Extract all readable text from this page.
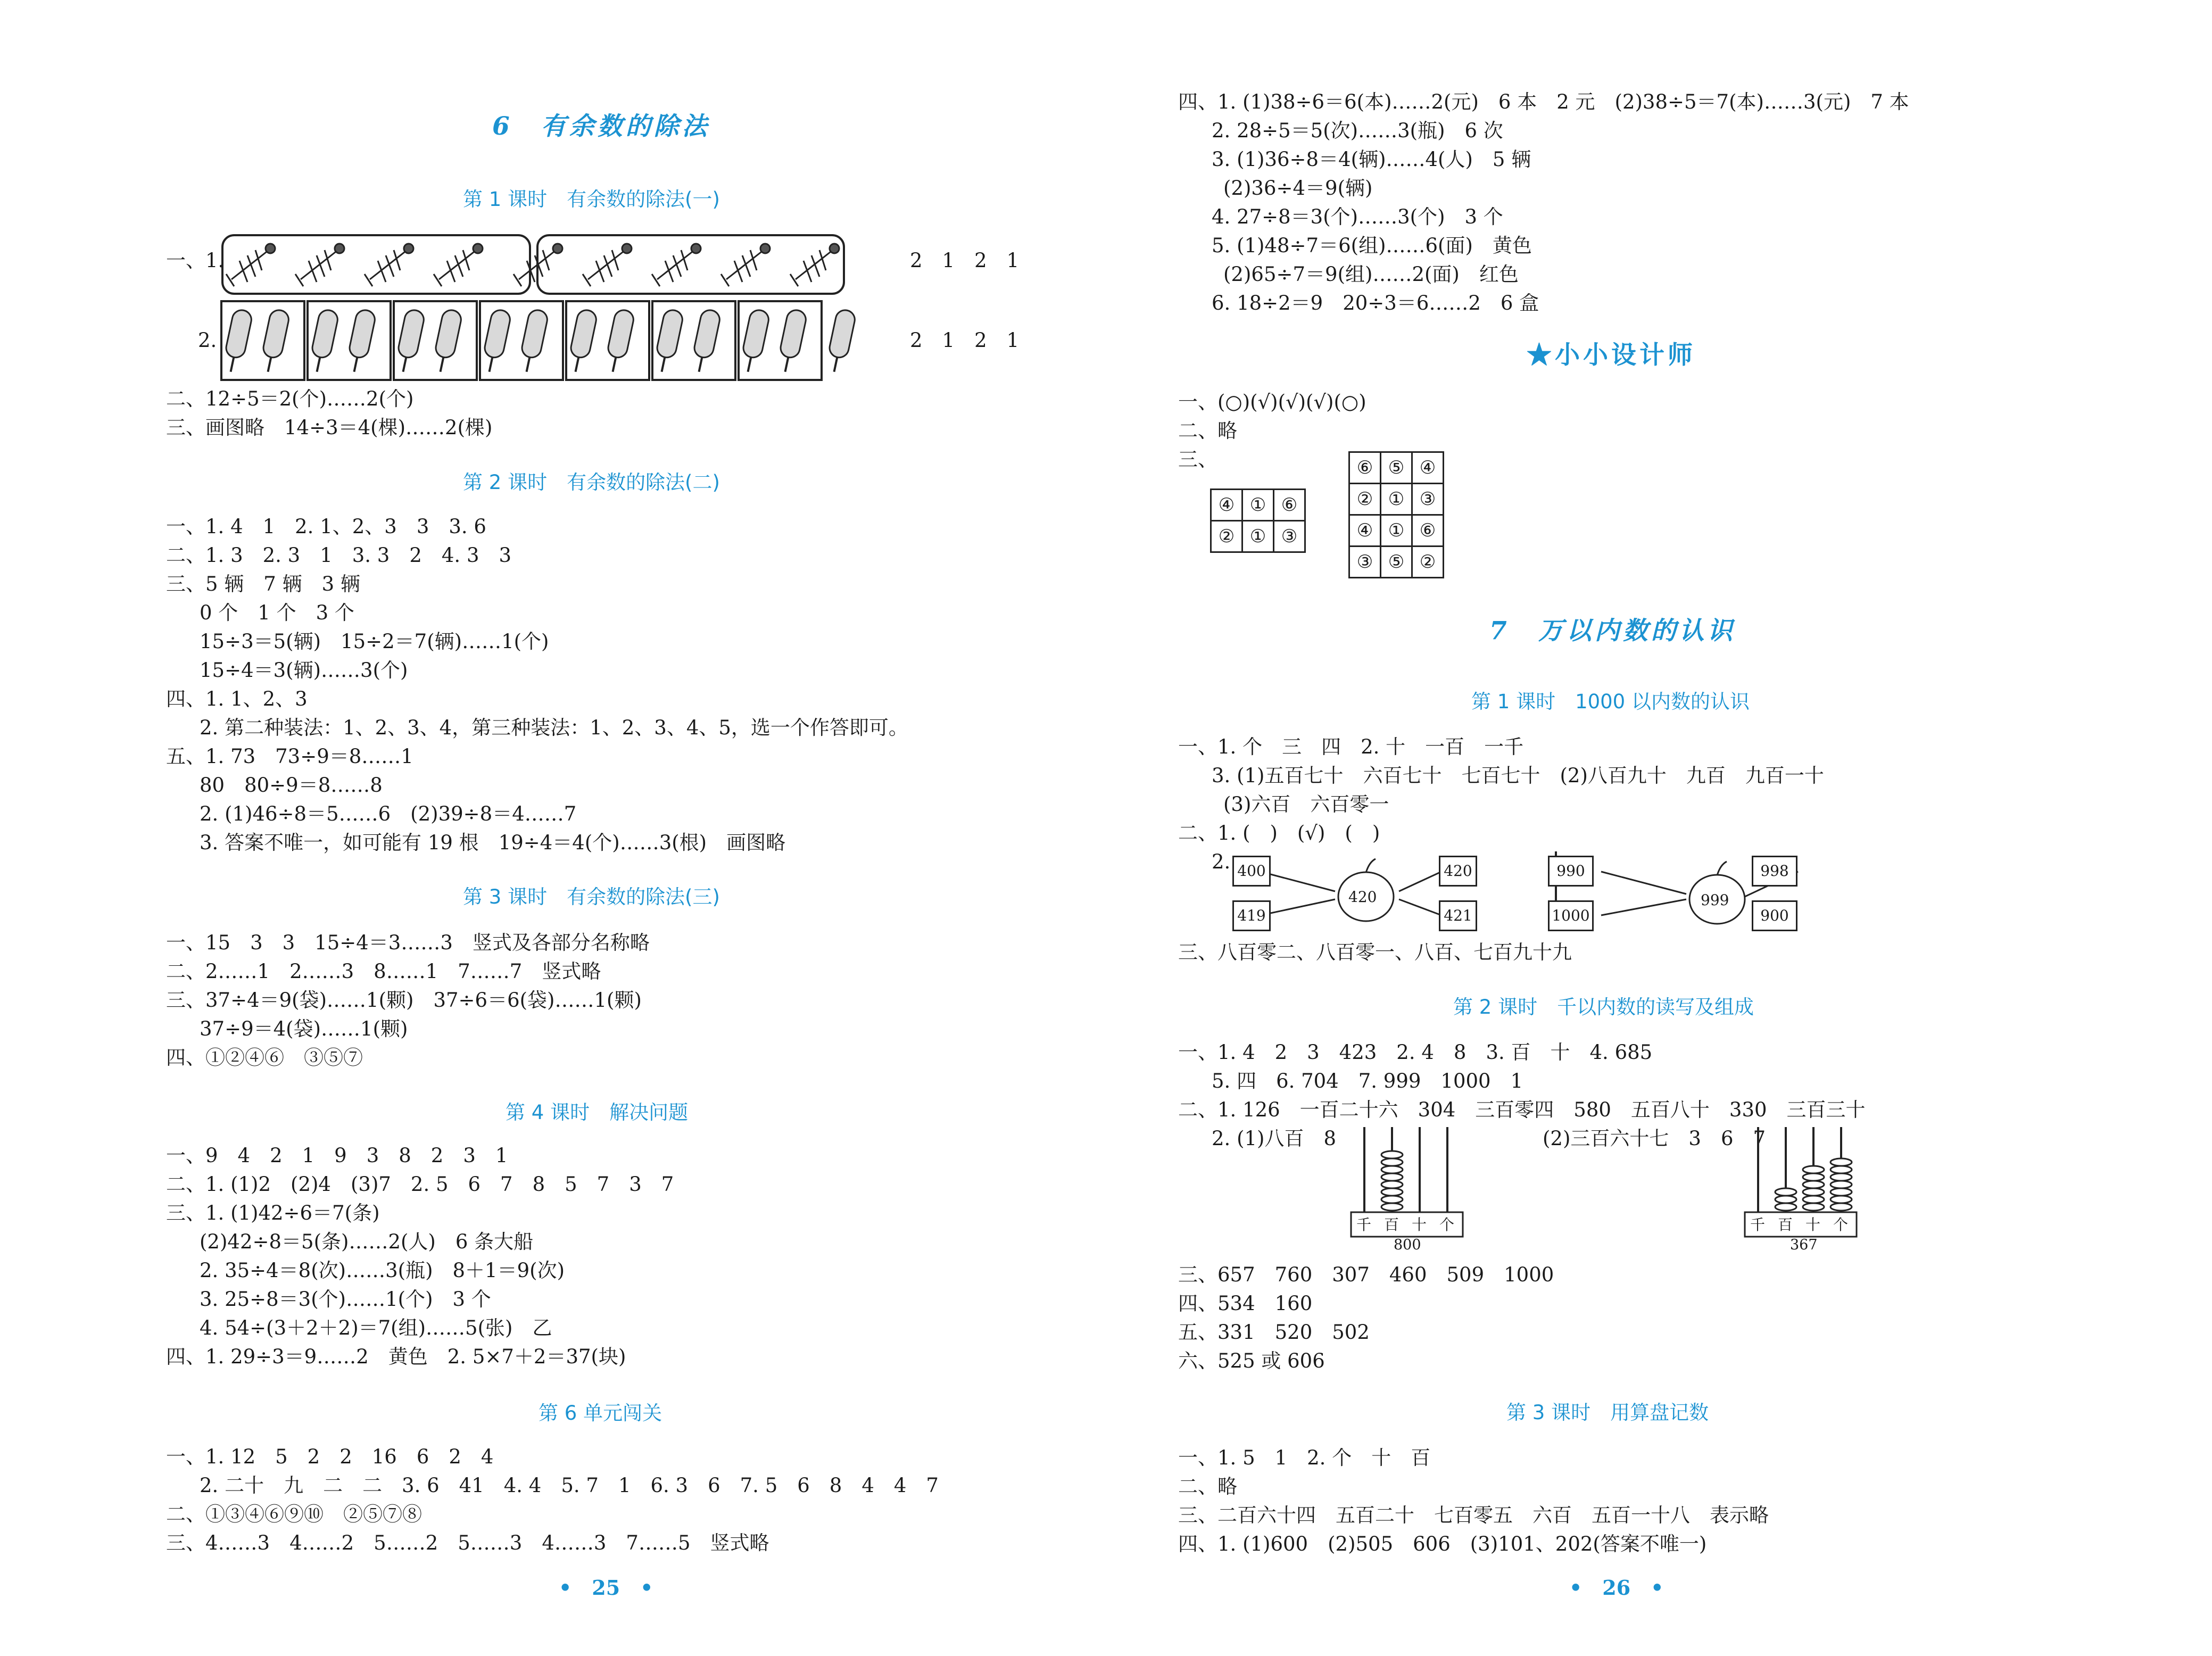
6　有余数的除法
第 1 课时　有余数的除法(一)
一、1.	2　1　2　1
2.	2　1　2　1
二、12÷5＝2(个)……2(个)
三、画图略　14÷3＝4(棵)……2(棵)
第 2 课时　有余数的除法(二)
一、1. 4　1　2. 1、2、3　3　3. 6
二、1. 3　2. 3　1　3. 3　2　4. 3　3
三、5 辆　7 辆　3 辆
0 个　1 个　3 个
15÷3＝5(辆)　15÷2＝7(辆)……1(个)
15÷4＝3(辆)……3(个)
四、1. 1、2、3
2. 第二种装法：1、2、3、4，第三种装法：1、2、3、4、5，选一个作答即可。
五、1. 73　73÷9＝8……1
80　80÷9＝8……8
2. (1)46÷8＝5……6　(2)39÷8＝4……7
3. 答案不唯一，如可能有 19 根　19÷4＝4(个)……3(根)　画图略
第 3 课时　有余数的除法(三)
一、15　3　3　15÷4＝3……3　竖式及各部分名称略
二、2……1　2……3　8……1　7……7　竖式略
三、37÷4＝9(袋)……1(颗)　37÷6＝6(袋)……1(颗)
37÷9＝4(袋)……1(颗)
四、①②④⑥　③⑤⑦
第 4 课时　解决问题
一、9　4　2　1　9　3　8　2　3　1
二、1. (1)2　(2)4　(3)7　2. 5　6　7　8　5　7　3　7
三、1. (1)42÷6＝7(条)
(2)42÷8＝5(条)……2(人)　6 条大船
2. 35÷4＝8(次)……3(瓶)　8＋1＝9(次)
3. 25÷8＝3(个)……1(个)　3 个
4. 54÷(3＋2＋2)＝7(组)……5(张)　乙
四、1. 29÷3＝9……2　黄色　2. 5×7＋2＝37(块)
第 6 单元闯关
一、1. 12　5　2　2　16　6　2　4
2. 二十　九　二　二　3. 6　41　4. 4　5. 7　1　6. 3　6　7. 5　6　8　4　4　7
二、①③④⑥⑨⑩　②⑤⑦⑧
三、4……3　4……2　5……2　5……3　4……3　7……5　竖式略
•　25　•
四、1. (1)38÷6＝6(本)……2(元)　6 本　2 元　(2)38÷5＝7(本)……3(元)　7 本
2. 28÷5＝5(次)……3(瓶)　6 次
3. (1)36÷8＝4(辆)……4(人)　5 辆
(2)36÷4＝9(辆)
4. 27÷8＝3(个)……3(个)　3 个
5. (1)48÷7＝6(组)……6(面)　黄色
(2)65÷7＝9(组)……2(面)　红色
6. 18÷2＝9　20÷3＝6……2　6 盒
★小小设计师
一、(○)(√)(√)(√)(○)
二、略
三、
④	①	⑥
②	①	③
⑥	⑤	④
②	①	③
④	①	⑥
③	⑤	②
7　万以内数的认识
第 1 课时　1000 以内数的认识
一、1. 个　三　四　2. 十　一百　一千
3. (1)五百七十　六百七十　七百七十　(2)八百九十　九百　九百一十
(3)六百　六百零一
二、1. (　)　(√)　(　)
2.
420	999
400	420
419	421
990	998
1000	900
三、八百零二、八百零一、八百、七百九十九
第 2 课时　千以内数的读写及组成
一、1. 4　2　3　423　2. 4　8　3. 百　十　4. 685
5. 四　6. 704　7. 999　1000　1
二、1. 126　一百二十六　304　三百零四　580　五百八十　330　三百三十
2. (1)八百　8	(2)三百六十七　3　6　7
千 百 十 个	千 百 十 个
800	367
三、657　760　307　460　509　1000
四、534　160
五、331　520　502
六、525 或 606
第 3 课时　用算盘记数
一、1. 5　1　2. 个　十　百
二、略
三、二百六十四　五百二十　七百零五　六百　五百一十八　表示略
四、1. (1)600　(2)505　606　(3)101、202(答案不唯一)
•　26　•
